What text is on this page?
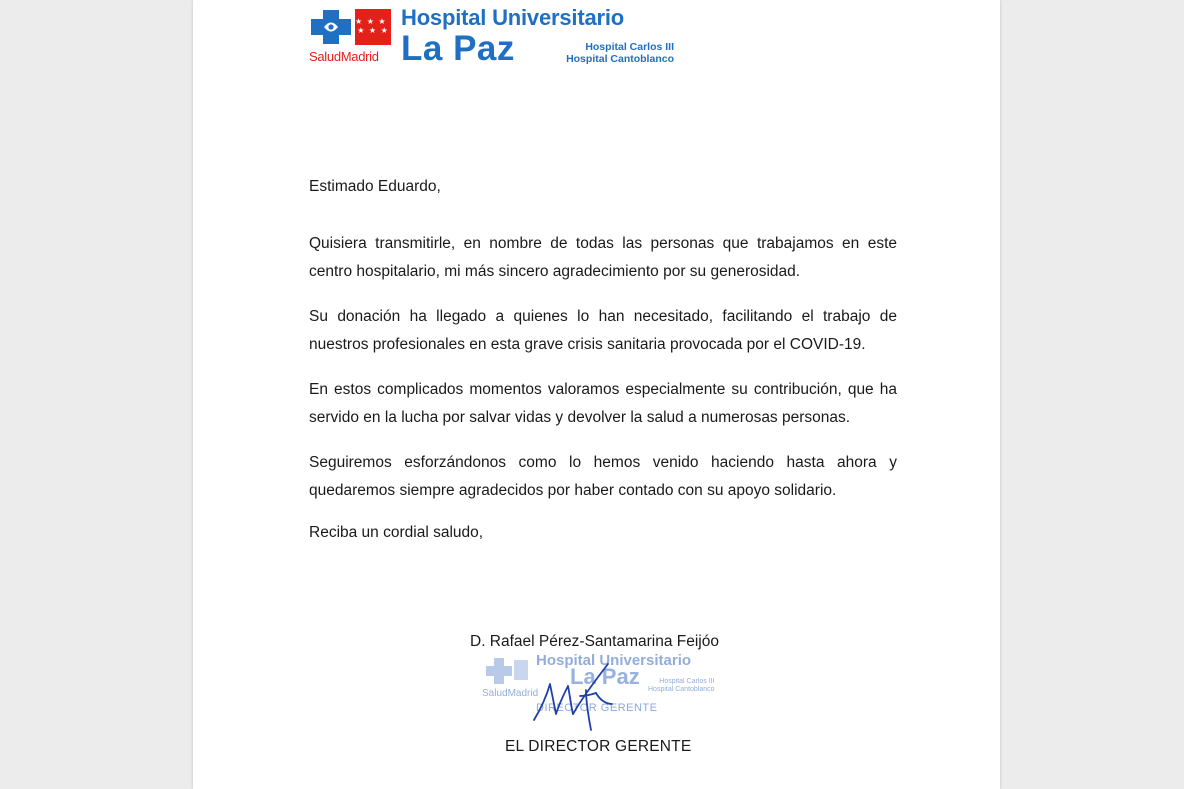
★ ★ ★ ★
★ ★ ★
SaludMadrid
Hospital Universitario
La Paz	Hospital Carlos III
Hospital Cantoblanco

Estimado Eduardo,

Quisiera transmitirle, en nombre de todas las personas que trabajamos en este centro hospitalario, mi más sincero agradecimiento por su generosidad.

Su donación ha llegado a quienes lo han necesitado, facilitando el trabajo de nuestros profesionales en esta grave crisis sanitaria provocada por el COVID-19.

En estos complicados momentos valoramos especialmente su contribución, que ha servido en la lucha por salvar vidas y devolver la salud a numerosas personas.

Seguiremos esforzándonos como lo hemos venido haciendo hasta ahora y quedaremos siempre agradecidos por haber contado con su apoyo solidario.

Reciba un cordial saludo,

D. Rafael Pérez-Santamarina Feijóo
Hospital Universitario
La Paz
SaludMadrid
Hospital Carlos III
Hospital Cantoblanco
DIRECTOR GERENTE
EL DIRECTOR GERENTE
